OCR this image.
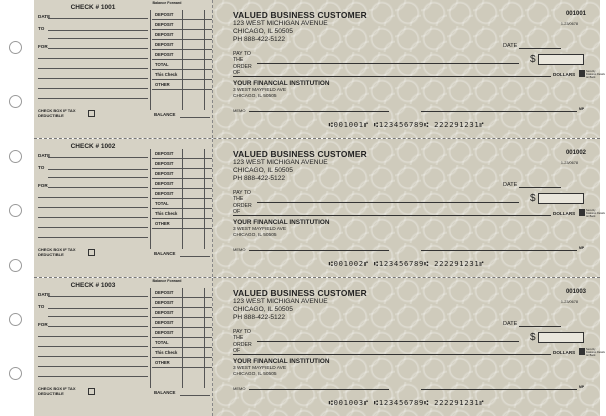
CHECK # 1001
Balance Forward
DATE
TO
FOR
DEPOSIT
DEPOSIT
DEPOSIT
DEPOSIT
DEPOSIT
TOTAL
This Check
OTHER
CHECK BOX IF TAX DEDUCTIBLE	BALANCE
VALUED BUSINESS CUSTOMER
123 WEST MICHIGAN AVENUE
CHICAGO, IL 50505
PH 888-422-5122
001001
1-23/0678
DATE
PAY TO THE ORDER OF
$
DOLLARS
Security Features Details on Back
YOUR FINANCIAL INSTITUTION
3 WEST MAYFIELD AVE
CHICAGO, IL 50505
MEMO	MP
⑆001001⑈ ⑆123456789⑆ 222291231⑈
CHECK # 1002
DATE
TO
FOR
DEPOSIT
DEPOSIT
DEPOSIT
DEPOSIT
DEPOSIT
TOTAL
This Check
OTHER
CHECK BOX IF TAX DEDUCTIBLE	BALANCE
VALUED BUSINESS CUSTOMER
123 WEST MICHIGAN AVENUE
CHICAGO, IL 50505
PH 888-422-5122
001002
1-23/0678
DATE
PAY TO THE ORDER OF
$
DOLLARS
Security Features Details on Back
YOUR FINANCIAL INSTITUTION
3 WEST MAYFIELD AVE
CHICAGO, IL 50505
MEMO	MP
⑆001002⑈ ⑆123456789⑆ 222291231⑈
CHECK # 1003
Balance Forward
DATE
TO
FOR
DEPOSIT
DEPOSIT
DEPOSIT
DEPOSIT
DEPOSIT
TOTAL
This Check
OTHER
CHECK BOX IF TAX DEDUCTIBLE	BALANCE
VALUED BUSINESS CUSTOMER
123 WEST MICHIGAN AVENUE
CHICAGO, IL 50505
PH 888-422-5122
001003
1-23/0678
DATE
PAY TO THE ORDER OF
$
DOLLARS
Security Features Details on Back
YOUR FINANCIAL INSTITUTION
3 WEST MAYFIELD AVE
CHICAGO, IL 50505
MEMO	MP
⑆001003⑈ ⑆123456789⑆ 222291231⑈
